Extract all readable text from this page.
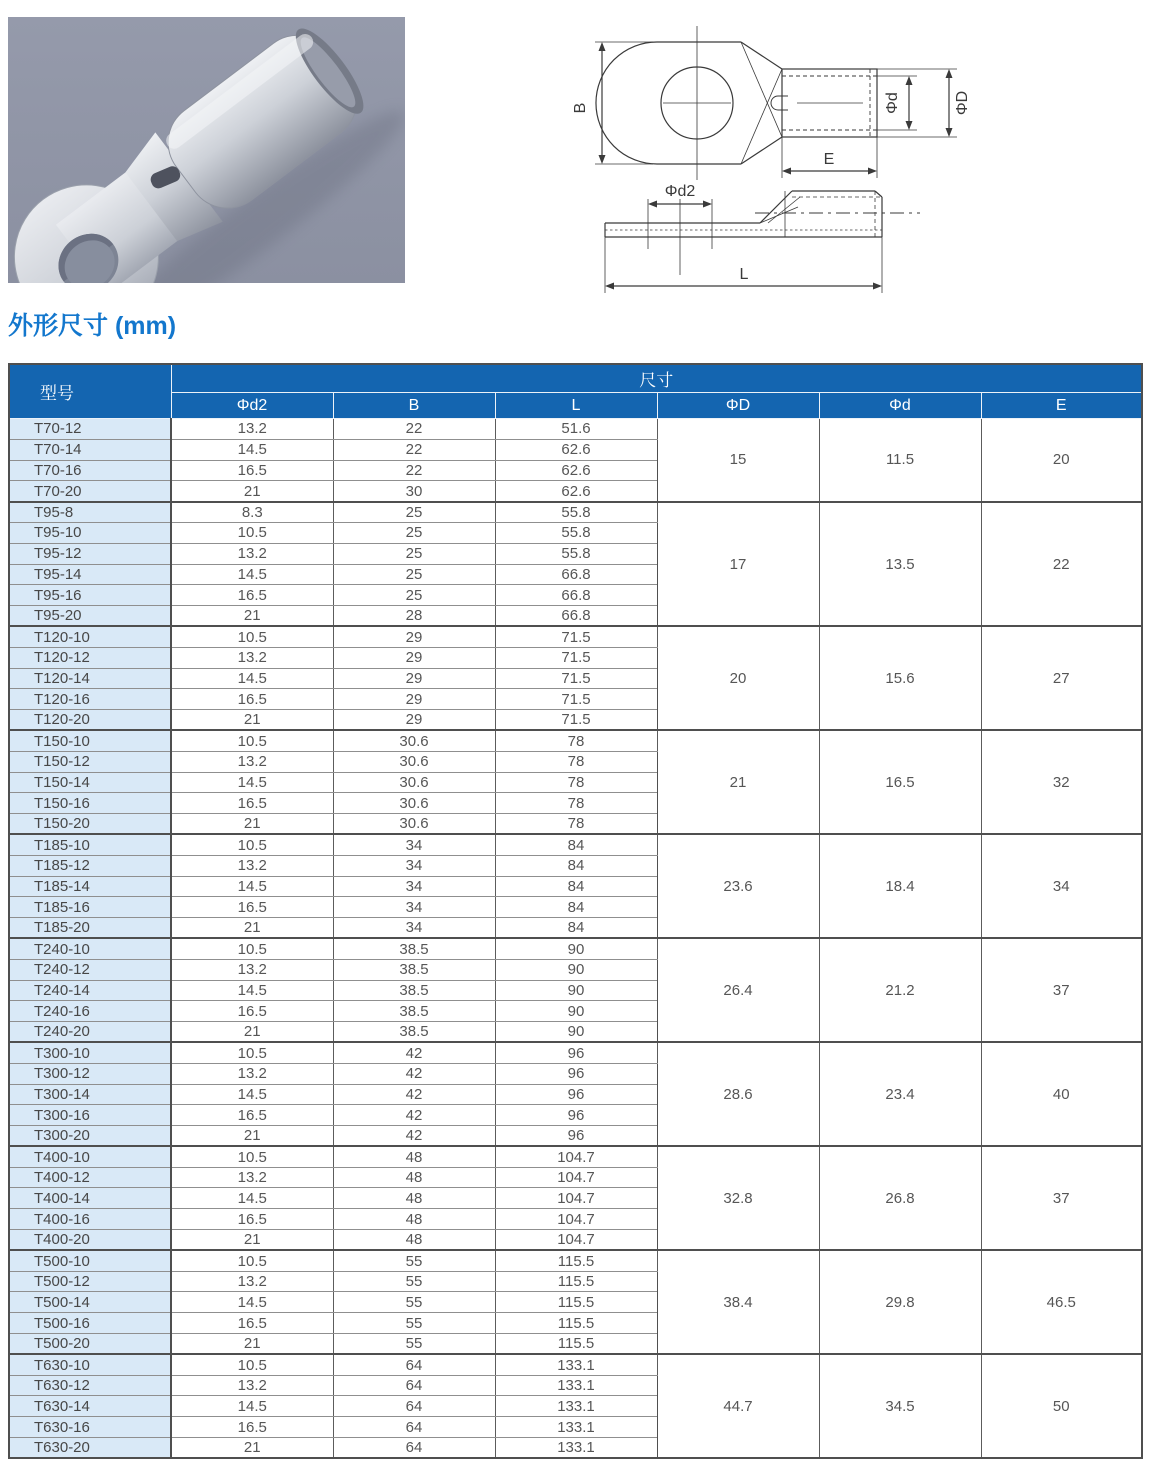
B	Φd	ΦD
E
Φd2
L
外形尺寸 (mm)
型号	尺寸					
	Φd2	B	L	ΦD	Φd	E
T70-12	13.2	22	51.6	15	11.5	20
T70-14	14.5	22	62.6			
T70-16	16.5	22	62.6			
T70-20	21	30	62.6			
T95-8	8.3	25	55.8	17	13.5	22
T95-10	10.5	25	55.8			
T95-12	13.2	25	55.8			
T95-14	14.5	25	66.8			
T95-16	16.5	25	66.8			
T95-20	21	28	66.8			
T120-10	10.5	29	71.5	20	15.6	27
T120-12	13.2	29	71.5			
T120-14	14.5	29	71.5			
T120-16	16.5	29	71.5			
T120-20	21	29	71.5			
T150-10	10.5	30.6	78	21	16.5	32
T150-12	13.2	30.6	78			
T150-14	14.5	30.6	78			
T150-16	16.5	30.6	78			
T150-20	21	30.6	78			
T185-10	10.5	34	84	23.6	18.4	34
T185-12	13.2	34	84			
T185-14	14.5	34	84			
T185-16	16.5	34	84			
T185-20	21	34	84			
T240-10	10.5	38.5	90	26.4	21.2	37
T240-12	13.2	38.5	90			
T240-14	14.5	38.5	90			
T240-16	16.5	38.5	90			
T240-20	21	38.5	90			
T300-10	10.5	42	96	28.6	23.4	40
T300-12	13.2	42	96			
T300-14	14.5	42	96			
T300-16	16.5	42	96			
T300-20	21	42	96			
T400-10	10.5	48	104.7	32.8	26.8	37
T400-12	13.2	48	104.7			
T400-14	14.5	48	104.7			
T400-16	16.5	48	104.7			
T400-20	21	48	104.7			
T500-10	10.5	55	115.5	38.4	29.8	46.5
T500-12	13.2	55	115.5			
T500-14	14.5	55	115.5			
T500-16	16.5	55	115.5			
T500-20	21	55	115.5			
T630-10	10.5	64	133.1	44.7	34.5	50
T630-12	13.2	64	133.1			
T630-14	14.5	64	133.1			
T630-16	16.5	64	133.1			
T630-20	21	64	133.1			
